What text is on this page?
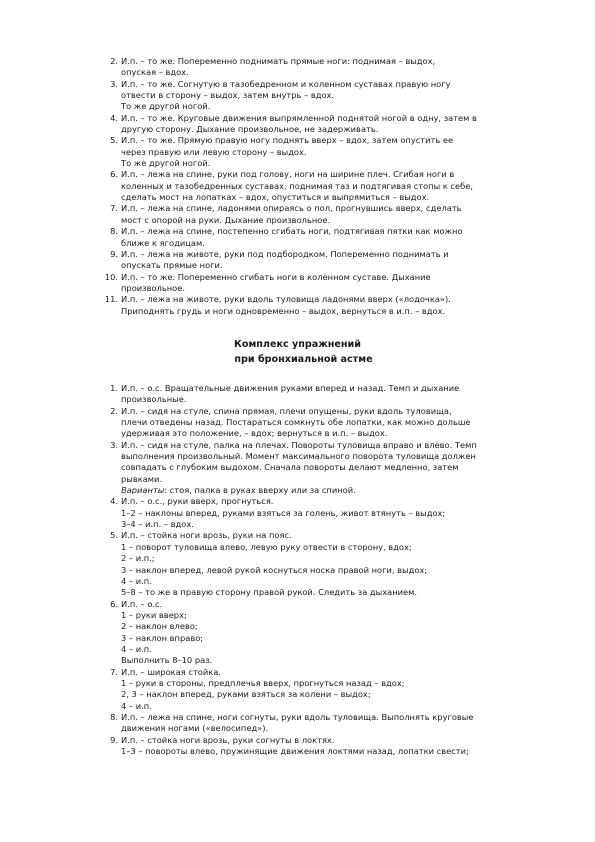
2. И.п. – то же. Попеременно поднимать прямые ноги: поднимая – выдох,
опуская – вдох.
3. И.п. – то же. Согнутую в тазобедренном и коленном суставах правую ногу
отвести в сторону – выдох, затем внутрь – вдох.
То же другой ногой.
4. И.п. – то же. Круговые движения выпрямленной поднятой ногой в одну, затем в
другую сторону. Дыхание произвольное, не задерживать.
5. И.п. – то же. Прямую правую ногу поднять вверх – вдох, затем опустить ее
через правую или левую сторону – выдох.
То же другой ногой.
6. И.п. – лежа на спине, руки под голову, ноги на ширине плеч. Сгибая ноги в
коленных и тазобедренных суставах, поднимая таз и подтягивая стопы к себе,
сделать мост на лопатках – вдох, опуститься и выпрямиться – выдох.
7. И.п. – лежа на спине, ладонями опираясь о пол, прогнувшись вверх, сделать
мост с опорой на руки. Дыхание произвольное.
8. И.п. – лежа на спине, постепенно сгибать ноги, подтягивая пятки как можно
ближе к ягодицам.
9. И.п. – лежа на животе, руки под подбородком. Попеременно поднимать и
опускать прямые ноги.
10. И.п. – то же. Попеременно сгибать ноги в коленном суставе. Дыхание
произвольное.
11. И.п. – лежа на животе, руки вдоль туловища ладонями вверх («лодочка»).
Приподнять грудь и ноги одновременно – выдох, вернуться в и.п. – вдох.
Комплекс упражнений
при бронхиальной астме
1. И.п. – о.с. Вращательные движения руками вперед и назад. Темп и дыхание
произвольные.
2. И.п. – сидя на стуле, спина прямая, плечи опущены, руки вдоль туловища,
плечи отведены назад. Постараться сомкнуть обе лопатки, как можно дольше
удерживая это положение, – вдох; вернуться в и.п. – выдох.
3. И.п. – сидя на стуле, палка на плечах. Повороты туловища вправо и влево. Темп
выполнения произвольный. Момент максимального поворота туловища должен
совпадать с глубоким выдохом. Сначала повороты делают медленно, затем
рывками.
Варианты: стоя, палка в руках вверху или за спиной.
4. И.п. – о.с., руки вверх, прогнуться.
1–2 – наклоны вперед, руками взяться за голень, живот втянуть – выдох;
3–4 – и.п. – вдох.
5. И.п. – стойка ноги врозь, руки на пояс.
1 – поворот туловища влево, левую руку отвести в сторону, вдох;
2 – и.п.;
3 – наклон вперед, левой рукой коснуться носка правой ноги, выдох;
4 – и.п.
5–8 – то же в правую сторону правой рукой. Следить за дыханием.
6. И.п. – о.с.
1 – руки вверх;
2 – наклон влево;
3 – наклон вправо;
4 – и.п.
Выполнить 8–10 раз.
7. И.п. – широкая стойка.
1 – руки в стороны, предплечья вверх, прогнуться назад – вдох;
2, 3 – наклон вперед, руками взяться за колени – выдох;
4 – и.п.
8. И.п. – лежа на спине, ноги согнуты, руки вдоль туловища. Выполнять круговые
движения ногами («велосипед»).
9. И.п. – стойка ноги врозь, руки согнуты в локтях.
1–3 – повороты влево, пружинящие движения локтями назад, лопатки свести;
